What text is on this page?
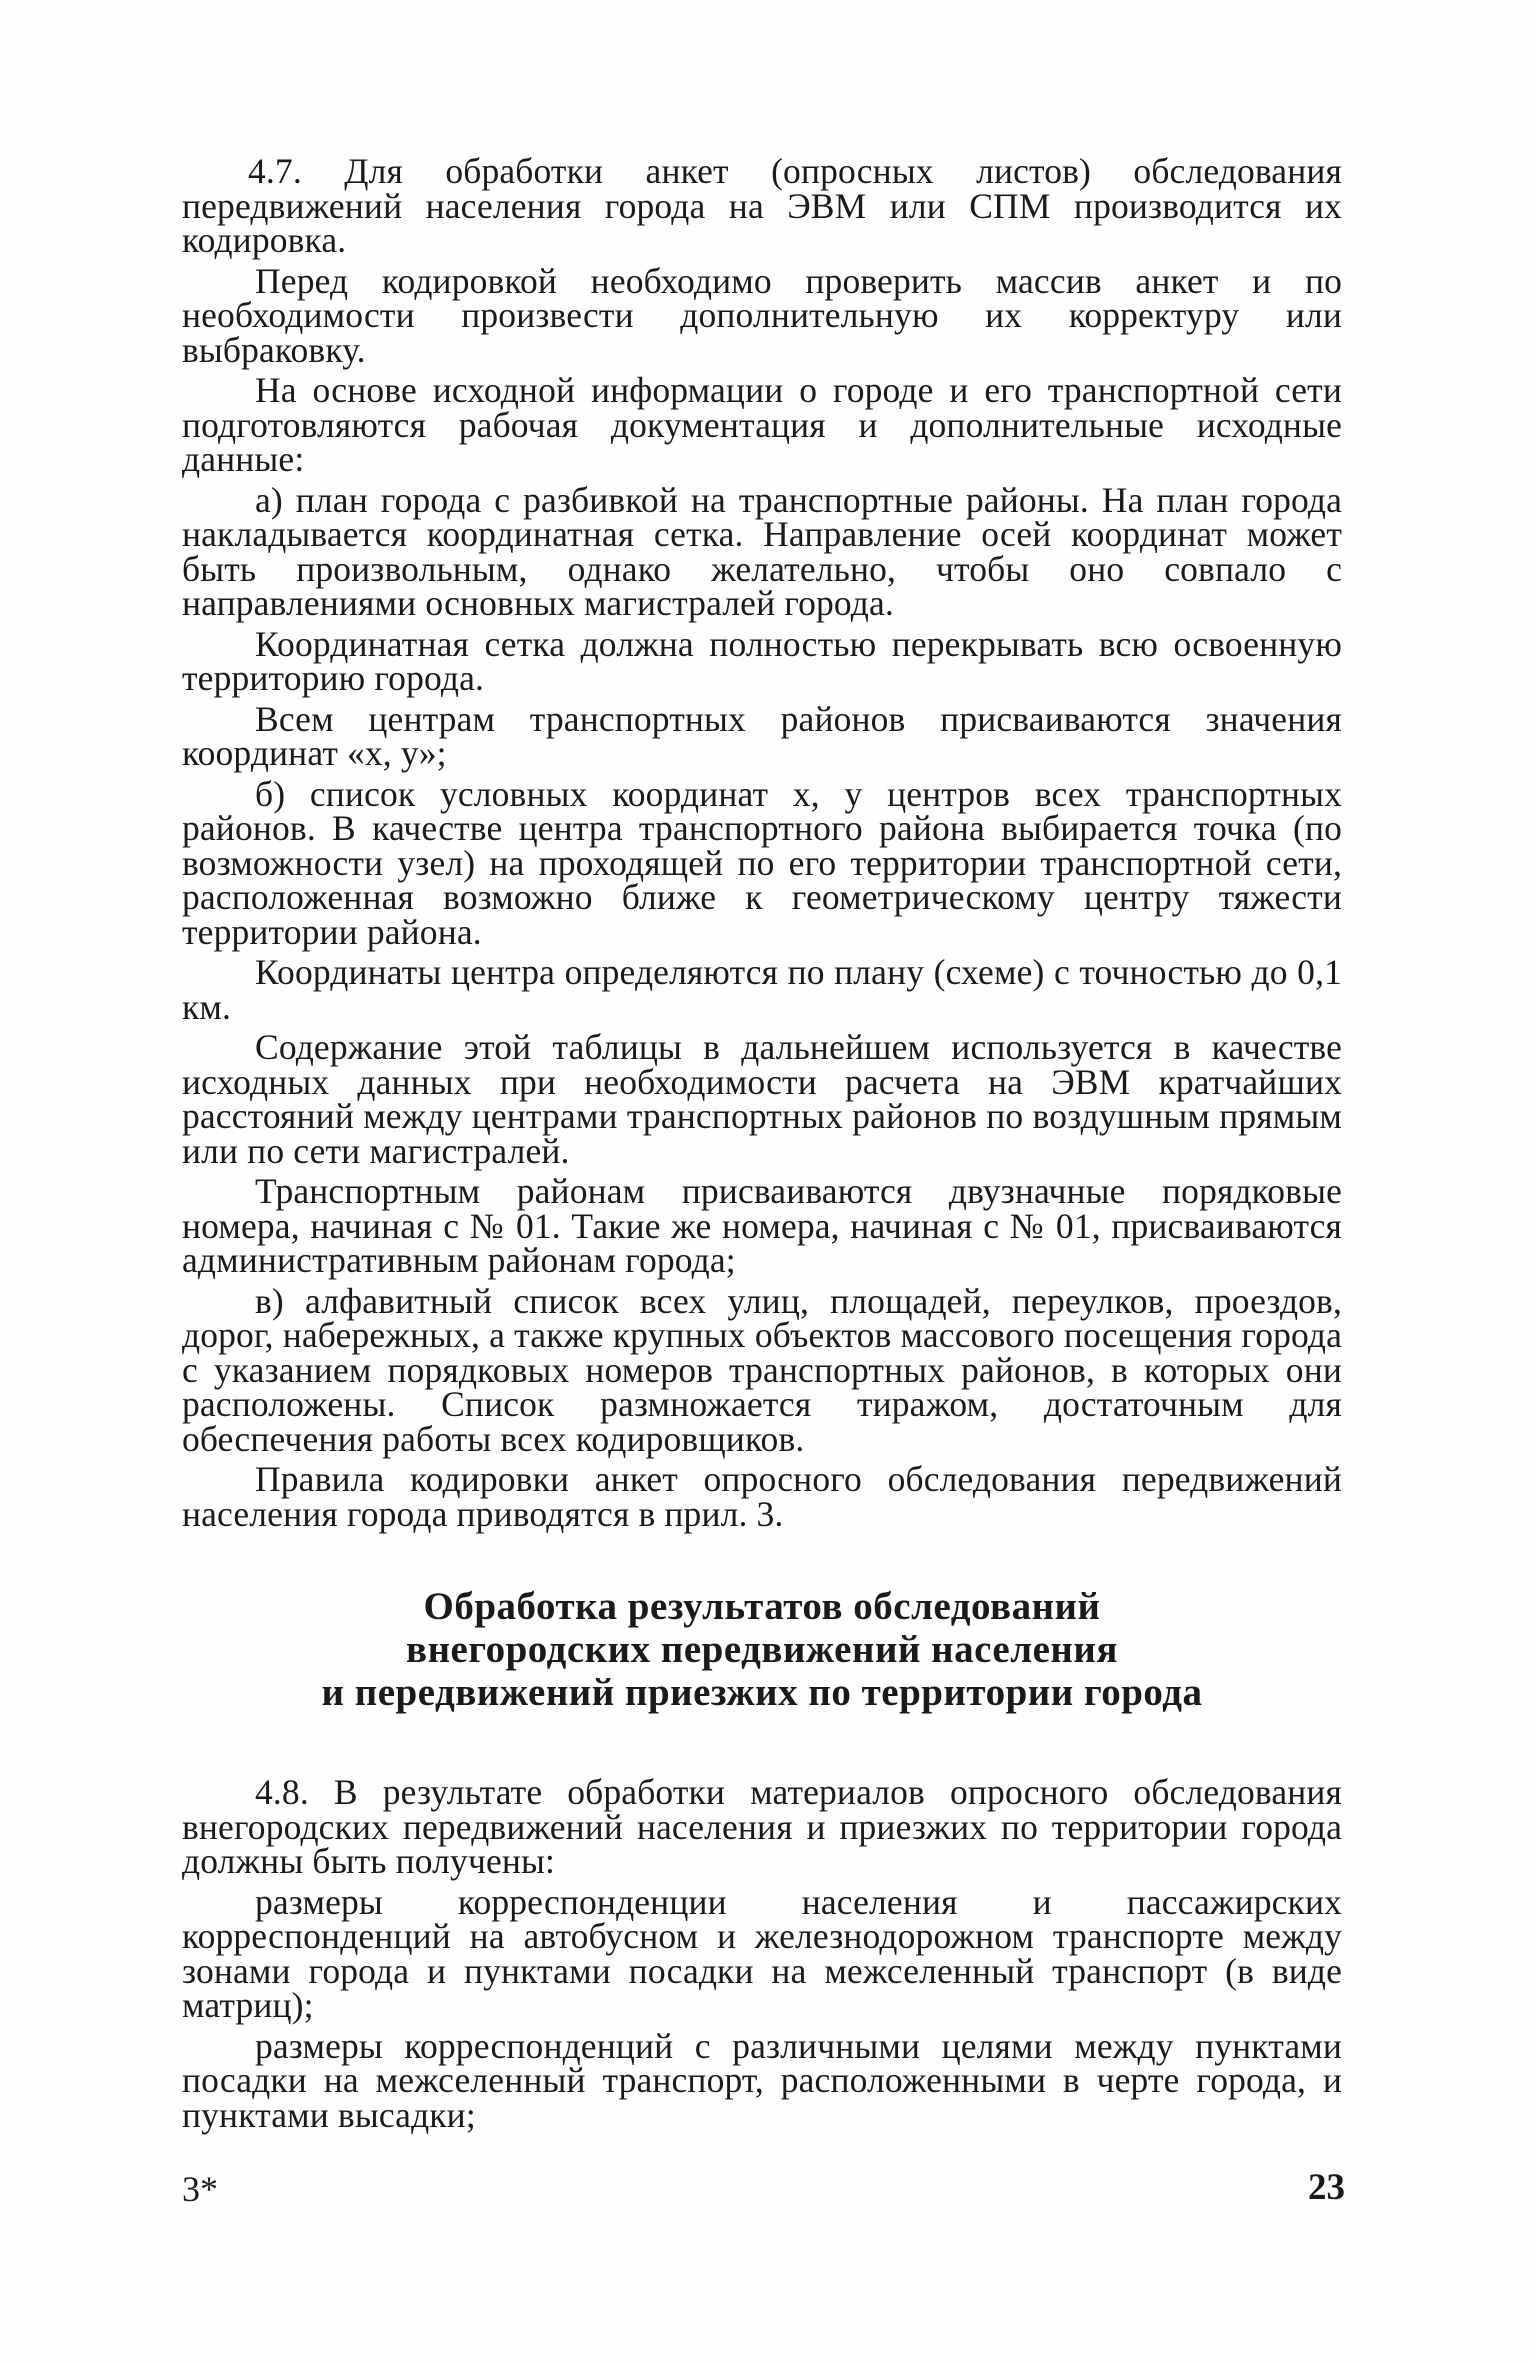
4.7. Для обработки анкет (опросных листов) обследования передвижений населения города на ЭВМ или СПМ производится их кодировка.

Перед кодировкой необходимо проверить массив анкет и по необходимости произвести дополнительную их корректуру или выбраковку.

На основе исходной информации о городе и его транспортной сети подготовляются рабочая документация и дополнительные исходные данные:

а) план города с разбивкой на транспортные районы. На план города накладывается координатная сетка. Направление осей координат может быть произвольным, однако желательно, чтобы оно совпало с направлениями основных магистралей города.

Координатная сетка должна полностью перекрывать всю освоенную территорию города.

Всем центрам транспортных районов присваиваются значения координат «x, y»;

б) список условных координат x, y центров всех транспортных районов. В качестве центра транспортного района выбирается точка (по возможности узел) на проходящей по его территории транспортной сети, расположенная возможно ближе к геометрическому центру тяжести территории района.

Координаты центра определяются по плану (схеме) с точностью до 0,1 км.

Содержание этой таблицы в дальнейшем используется в качестве исходных данных при необходимости расчета на ЭВМ кратчайших расстояний между центрами транспортных районов по воздушным прямым или по сети магистралей.

Транспортным районам присваиваются двузначные порядковые номера, начиная с № 01. Такие же номера, начиная с № 01, присваиваются административным районам города;

в) алфавитный список всех улиц, площадей, переулков, проездов, дорог, набережных, а также крупных объектов массового посещения города с указанием порядковых номеров транспортных районов, в которых они расположены. Список размножается тиражом, достаточным для обеспечения работы всех кодировщиков.

Правила кодировки анкет опросного обследования передвижений населения города приводятся в прил. 3.

Обработка результатов обследований
внегородских передвижений населения
и передвижений приезжих по территории города

4.8. В результате обработки материалов опросного обследования внегородских передвижений населения и приезжих по территории города должны быть получены:

размеры корреспонденции населения и пассажирских корреспонденций на автобусном и железнодорожном транспорте между зонами города и пунктами посадки на межселенный транспорт (в виде матриц);

размеры корреспонденций с различными целями между пунктами посадки на межселенный транспорт, расположенными в черте города, и пунктами высадки;

3*	23
